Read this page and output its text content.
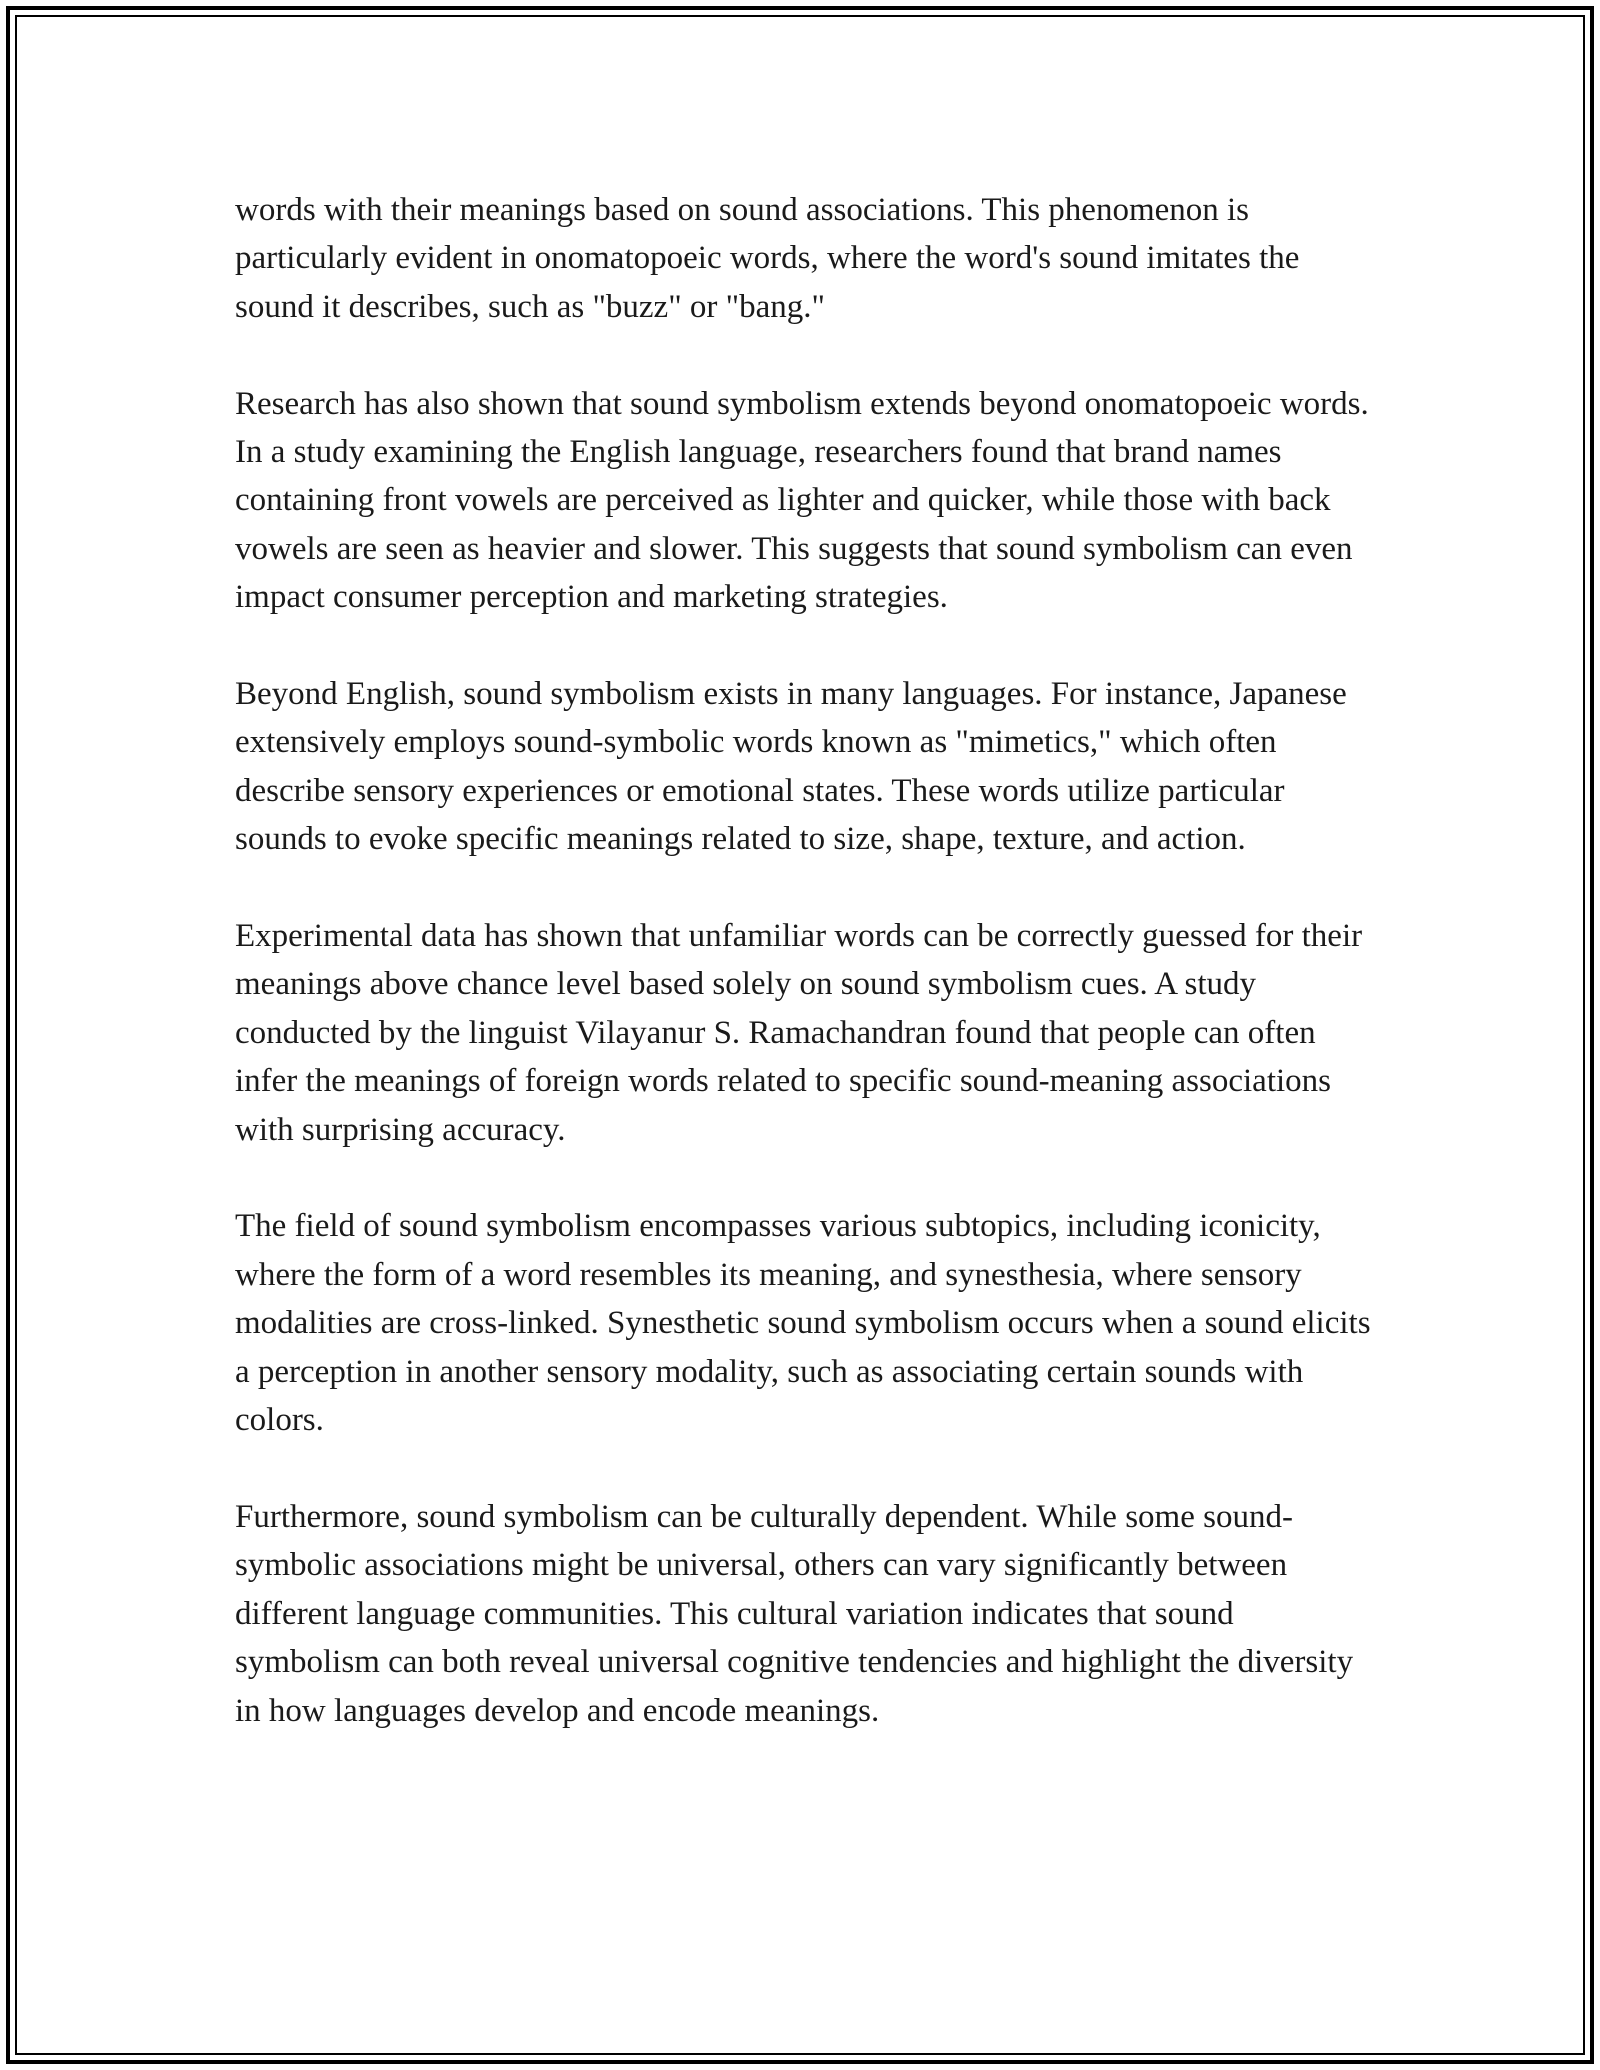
words with their meanings based on sound associations. This phenomenon is particularly evident in onomatopoeic words, where the word's sound imitates the sound it describes, such as "buzz" or "bang."

Research has also shown that sound symbolism extends beyond onomatopoeic words. In a study examining the English language, researchers found that brand names containing front vowels are perceived as lighter and quicker, while those with back vowels are seen as heavier and slower. This suggests that sound symbolism can even impact consumer perception and marketing strategies.

Beyond English, sound symbolism exists in many languages. For instance, Japanese extensively employs sound-symbolic words known as "mimetics," which often describe sensory experiences or emotional states. These words utilize particular sounds to evoke specific meanings related to size, shape, texture, and action.

Experimental data has shown that unfamiliar words can be correctly guessed for their meanings above chance level based solely on sound symbolism cues. A study conducted by the linguist Vilayanur S. Ramachandran found that people can often infer the meanings of foreign words related to specific sound-meaning associations with surprising accuracy.

The field of sound symbolism encompasses various subtopics, including iconicity, where the form of a word resembles its meaning, and synesthesia, where sensory modalities are cross-linked. Synesthetic sound symbolism occurs when a sound elicits a perception in another sensory modality, such as associating certain sounds with colors.

Furthermore, sound symbolism can be culturally dependent. While some sound-symbolic associations might be universal, others can vary significantly between different language communities. This cultural variation indicates that sound symbolism can both reveal universal cognitive tendencies and highlight the diversity in how languages develop and encode meanings.
